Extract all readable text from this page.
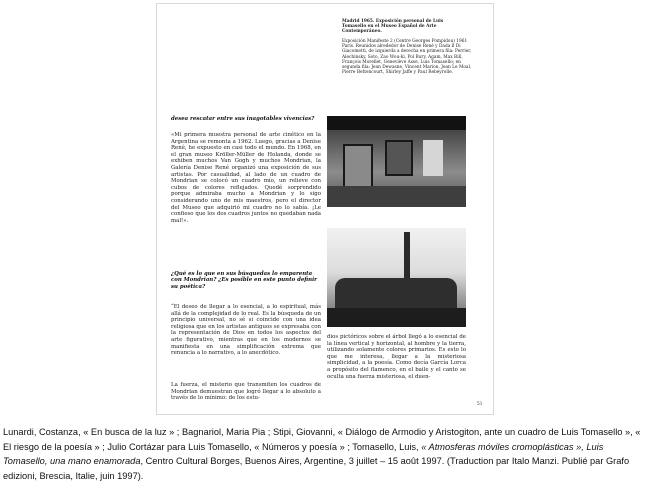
Madrid 1965. Exposición personal de Luis
Tomasello en el Museo Español de Arte
Contemporáneo.
Exposición Manifeste 2 (Centre Georges Pompidou) 1961 París. Reunidos alrededor de Denise René y Dada ll Di Giacometti, de izquierda a derecha en primera fila: Perrier, Alechinsky, Soto, Zao Wou-ki, Pol Bury, Agam, Max Bill, François Morellet, Geneviève Asse, Luis Tomasello; en segunda fila: Jean Dewasne, Vincent Marion, Jean Le Moal, Pierre Bettencourt, Shirley Jaffe y Paul Rebeyrolle.
desea rescatar entre sus inagotables vivencias?
«Mi primera muestra personal de arte cinético en la Argentina se remonta a 1962. Luego, gracias a Denise René, he expuesto en casi todo el mundo. En 1968, en el gran museo Kröller-Müller de Holanda, donde se exhiben muchos Van Gogh y muchos Mondrian, la Galería Denise René organizó una exposición de sus artistas. Por casualidad, al lado de un cuadro de Mondrian se colocó un cuadro mío, un relieve con cubos de colores reflejados. Quedé sorprendido porque admiraba mucho a Mondrian y lo sigo considerando uno de mis maestros, pero el director del Museo que adquirió mi cuadro no lo sabía. ¡Le confieso que los dos cuadros juntos no quedaban nada mal!».
¿Qué es lo que en sus búsquedas lo emparenta con Mondrian? ¿Es posible en este punto definir su poética?
“El deseo de llegar a lo esencial, a lo espiritual, más allá de la complejidad de lo real. Es la búsqueda de un principio universal, no sé si coincide con una idea religiosa que en los artistas antiguos se expresaba con la representación de Dios en todos los aspectos del arte figurativo, mientras que en los modernos se manifiesta en una simplificación extrema que renuncia a lo narrativo, a lo anecdótico.
La fuerza, el misterio que transmiten los cuadros de Mondrian demuestran que logró llegar a lo absoluto a través de lo mínimo: de los estu-
dios pictóricos sobre el árbol llegó a lo esencial de la línea vertical y horizontal, al hombre y la tierra, utilizando solamente colores primarios. Es esto lo que me interesa, llegar a la misteriosa simplicidad, a la poesía. Como decía García Lorca a propósito del flamenco, en el baile y el canto se oculta una fuerza misteriosa, el duen-
51
Lunardi, Costanza, « En busca de la luz » ; Bagnariol, Maria Pia ; Stipi, Giovanni, « Diálogo de Armodio y Aristogiton, ante un cuadro de Luis Tomasello », « El riesgo de la poesía » ; Julio Cortázar para Luis Tomasello, « Números y poesía » ; Tomasello, Luis, « Atmosferas móviles cromoplásticas », Luis Tomasello, una mano enamorada, Centro Cultural Borges, Buenos Aires, Argentine, 3 juillet – 15 août 1997. (Traduction par Italo Manzi. Publié par Grafo edizioni, Brescia, Italie, juin 1997).
